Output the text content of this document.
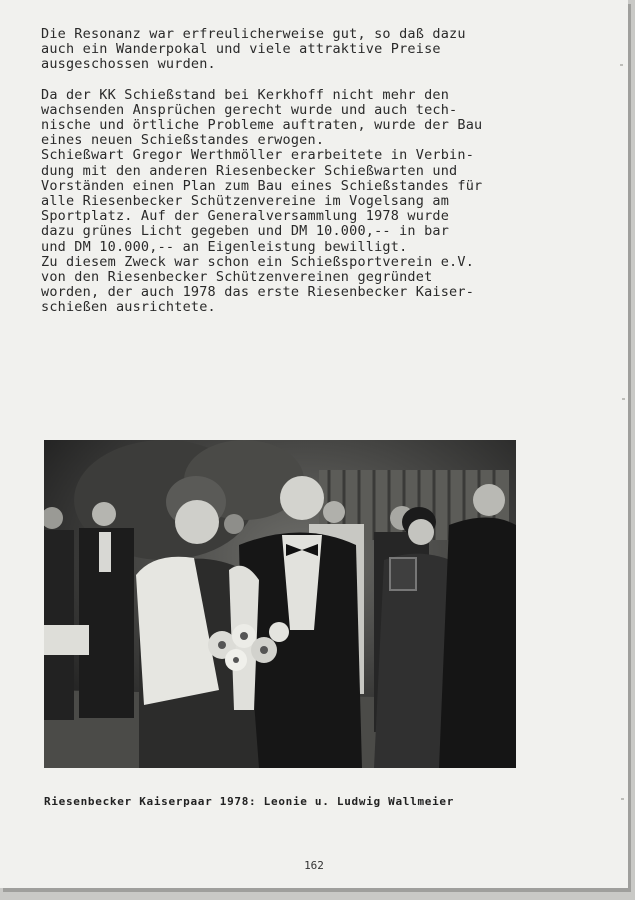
Die Resonanz war erfreulicherweise gut, so daß dazu
auch ein Wanderpokal und viele attraktive Preise
ausgeschossen wurden.

Da der KK Schießstand bei Kerkhoff nicht mehr den
wachsenden Ansprüchen gerecht wurde und auch tech-
nische und örtliche Probleme auftraten, wurde der Bau
eines neuen Schießstandes erwogen.

Schießwart Gregor Werthmöller erarbeitete in Verbin-
dung mit den anderen Riesenbecker Schießwarten und
Vorständen einen Plan zum Bau eines Schießstandes für
alle Riesenbecker Schützenvereine im Vogelsang am
Sportplatz. Auf der Generalversammlung 1978 wurde
dazu grünes Licht gegeben und DM 10.000,-- in bar
und DM 10.000,-- an Eigenleistung bewilligt.

Zu diesem Zweck war schon ein Schießsportverein e.V.
von den Riesenbecker Schützenvereinen gegründet
worden, der auch 1978 das erste Riesenbecker Kaiser-
schießen ausrichtete.

Riesenbecker Kaiserpaar 1978: Leonie u. Ludwig Wallmeier
162
